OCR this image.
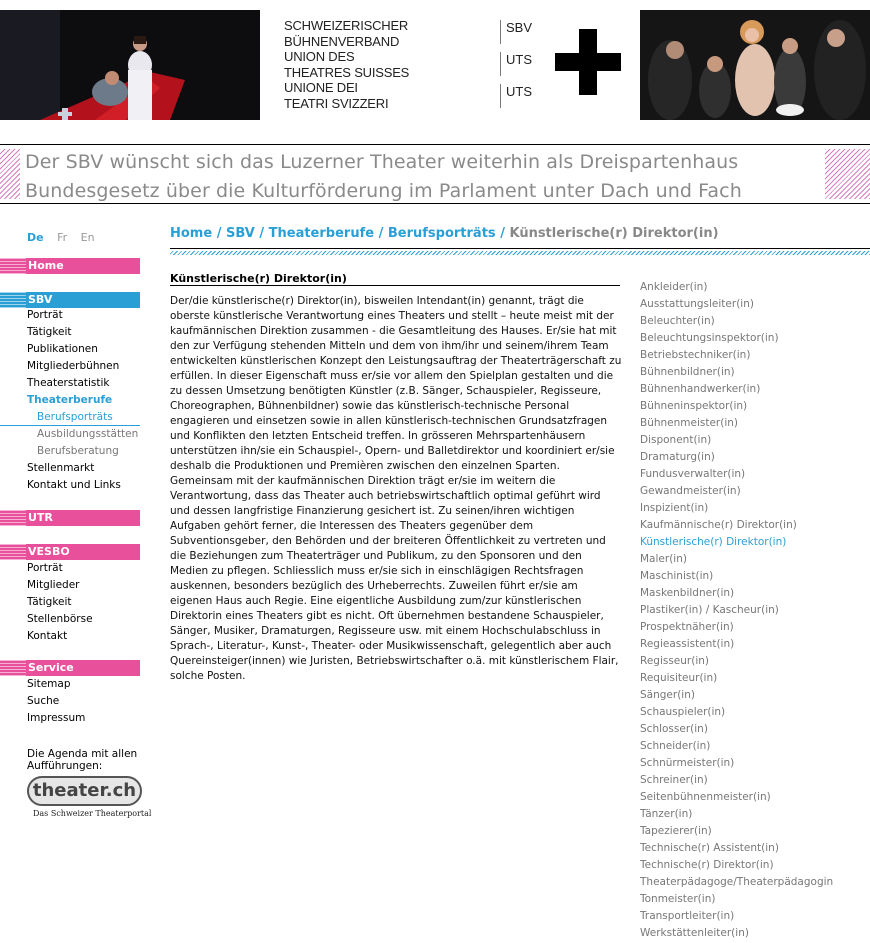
SCHWEIZERISCHER
BÜHNENVERBAND
UNION DES
THEATRES SUISSES
UNIONE DEI
TEATRI SVIZZERI
SBV
UTS
UTS
Der SBV wünscht sich das Luzerner Theater weiterhin als Dreispartenhaus
Bundesgesetz über die Kulturförderung im Parlament unter Dach und Fach
De Fr En
Home
SBV
Porträt
Tätigkeit
Publikationen
Mitgliederbühnen
Theaterstatistik
Theaterberufe
Berufsporträts
Ausbildungsstätten
Berufsberatung
Stellenmarkt
Kontakt und Links
UTR
VESBO
Porträt
Mitglieder
Tätigkeit
Stellenbörse
Kontakt
Service
Sitemap
Suche
Impressum
Die Agenda mit allen Aufführungen:
theater.ch
Das Schweizer Theaterportal
Home / SBV / Theaterberufe / Berufsporträts / Künstlerische(r) Direktor(in)
Künstlerische(r) Direktor(in)
Der/die künstlerische(r) Direktor(in), bisweilen Intendant(in) genannt, trägt die oberste künstlerische Verantwortung eines Theaters und stellt – heute meist mit der kaufmännischen Direktion zusammen - die Gesamtleitung des Hauses. Er/sie hat mit den zur Verfügung stehenden Mitteln und dem von ihm/ihr und seinem/ihrem Team entwickelten künstlerischen Konzept den Leistungsauftrag der Theaterträgerschaft zu erfüllen. In dieser Eigenschaft muss er/sie vor allem den Spielplan gestalten und die zu dessen Umsetzung benötigten Künstler (z.B. Sänger, Schauspieler, Regisseure, Choreographen, Bühnenbildner) sowie das künstlerisch-technische Personal engagieren und einsetzen sowie in allen künstlerisch-technischen Grundsatzfragen und Konflikten den letzten Entscheid treffen. In grösseren Mehrspartenhäusern unterstützen ihn/sie ein Schauspiel-, Opern- und Balletdirektor und koordiniert er/sie deshalb die Produktionen und Premièren zwischen den einzelnen Sparten. Gemeinsam mit der kaufmännischen Direktion trägt er/sie im weitern die Verantwortung, dass das Theater auch betriebswirtschaftlich optimal geführt wird und dessen langfristige Finanzierung gesichert ist. Zu seinen/ihren wichtigen Aufgaben gehört ferner, die Interessen des Theaters gegenüber dem Subventionsgeber, den Behörden und der breiteren Öffentlichkeit zu vertreten und die Beziehungen zum Theaterträger und Publikum, zu den Sponsoren und den Medien zu pflegen. Schliesslich muss er/sie sich in einschlägigen Rechtsfragen auskennen, besonders bezüglich des Urheberrechts. Zuweilen führt er/sie am eigenen Haus auch Regie. Eine eigentliche Ausbildung zum/zur künstlerischen Direktorin eines Theaters gibt es nicht. Oft übernehmen bestandene Schauspieler, Sänger, Musiker, Dramaturgen, Regisseure usw. mit einem Hochschulabschluss in Sprach-, Literatur-, Kunst-, Theater- oder Musikwissenschaft, gelegentlich aber auch Quereinsteiger(innen) wie Juristen, Betriebswirtschafter o.ä. mit künstlerischem Flair, solche Posten.
Ankleider(in)
Ausstattungsleiter(in)
Beleuchter(in)
Beleuchtungsinspektor(in)
Betriebstechniker(in)
Bühnenbildner(in)
Bühnenhandwerker(in)
Bühneninspektor(in)
Bühnenmeister(in)
Disponent(in)
Dramaturg(in)
Fundusverwalter(in)
Gewandmeister(in)
Inspizient(in)
Kaufmännische(r) Direktor(in)
Künstlerische(r) Direktor(in)
Maler(in)
Maschinist(in)
Maskenbildner(in)
Plastiker(in) / Kascheur(in)
Prospektnäher(in)
Regieassistent(in)
Regisseur(in)
Requisiteur(in)
Sänger(in)
Schauspieler(in)
Schlosser(in)
Schneider(in)
Schnürmeister(in)
Schreiner(in)
Seitenbühnenmeister(in)
Tänzer(in)
Tapezierer(in)
Technische(r) Assistent(in)
Technische(r) Direktor(in)
Theaterpädagoge/Theaterpädagogin
Tonmeister(in)
Transportleiter(in)
Werkstättenleiter(in)
